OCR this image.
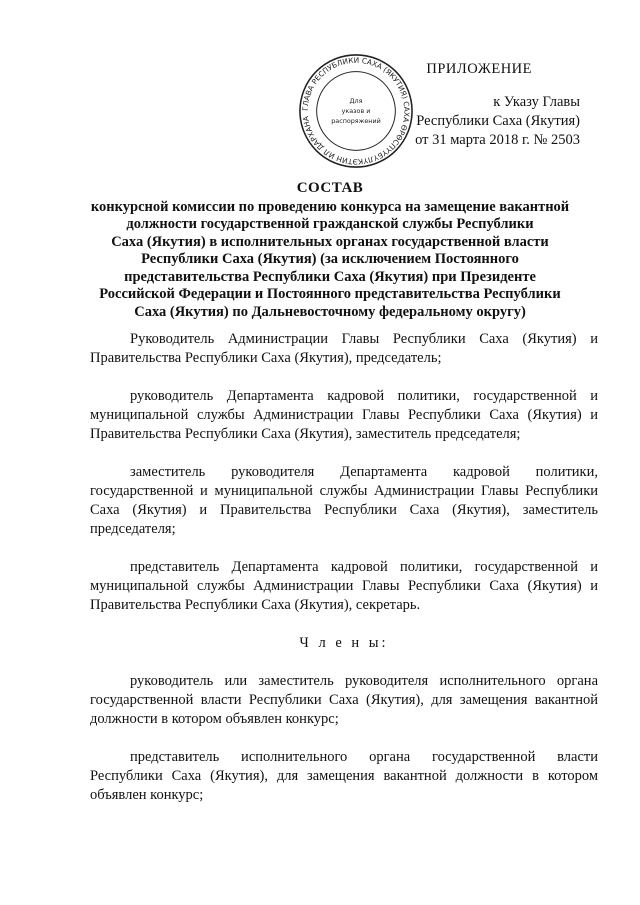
ГЛАВА РЕСПУБЛИКИ САХА (ЯКУТИЯ) САХА ӨРӨСПҮҮБҮЛҮКЭТИН ИЛ ДАРХАНА
Для
указов и
распоряжений
ПРИЛОЖЕНИЕ
к Указу Главы
Республики Саха (Якутия)
от 31 марта 2018 г. № 2503
СОСТАВ
конкурсной комиссии по проведению конкурса на замещение вакантной
должности государственной гражданской службы Республики
Саха (Якутия) в исполнительных органах государственной власти
Республики Саха (Якутия) (за исключением Постоянного
представительства Республики Саха (Якутия) при Президенте
Российской Федерации и Постоянного представительства Республики
Саха (Якутия) по Дальневосточному федеральному округу)

Руководитель Администрации Главы Республики Саха (Якутия) и Правительства Республики Саха (Якутия), председатель;

руководитель Департамента кадровой политики, государственной и муниципальной службы Администрации Главы Республики Саха (Якутия) и Правительства Республики Саха (Якутия), заместитель председателя;

заместитель руководителя Департамента кадровой политики, государственной и муниципальной службы Администрации Главы Республики Саха (Якутия) и Правительства Республики Саха (Якутия), заместитель председателя;

представитель Департамента кадровой политики, государственной и муниципальной службы Администрации Главы Республики Саха (Якутия) и Правительства Республики Саха (Якутия), секретарь.

Ч л е н ы:

руководитель или заместитель руководителя исполнительного органа государственной власти Республики Саха (Якутия), для замещения вакантной должности в котором объявлен конкурс;

представитель исполнительного органа государственной власти Республики Саха (Якутия), для замещения вакантной должности в котором объявлен конкурс;
